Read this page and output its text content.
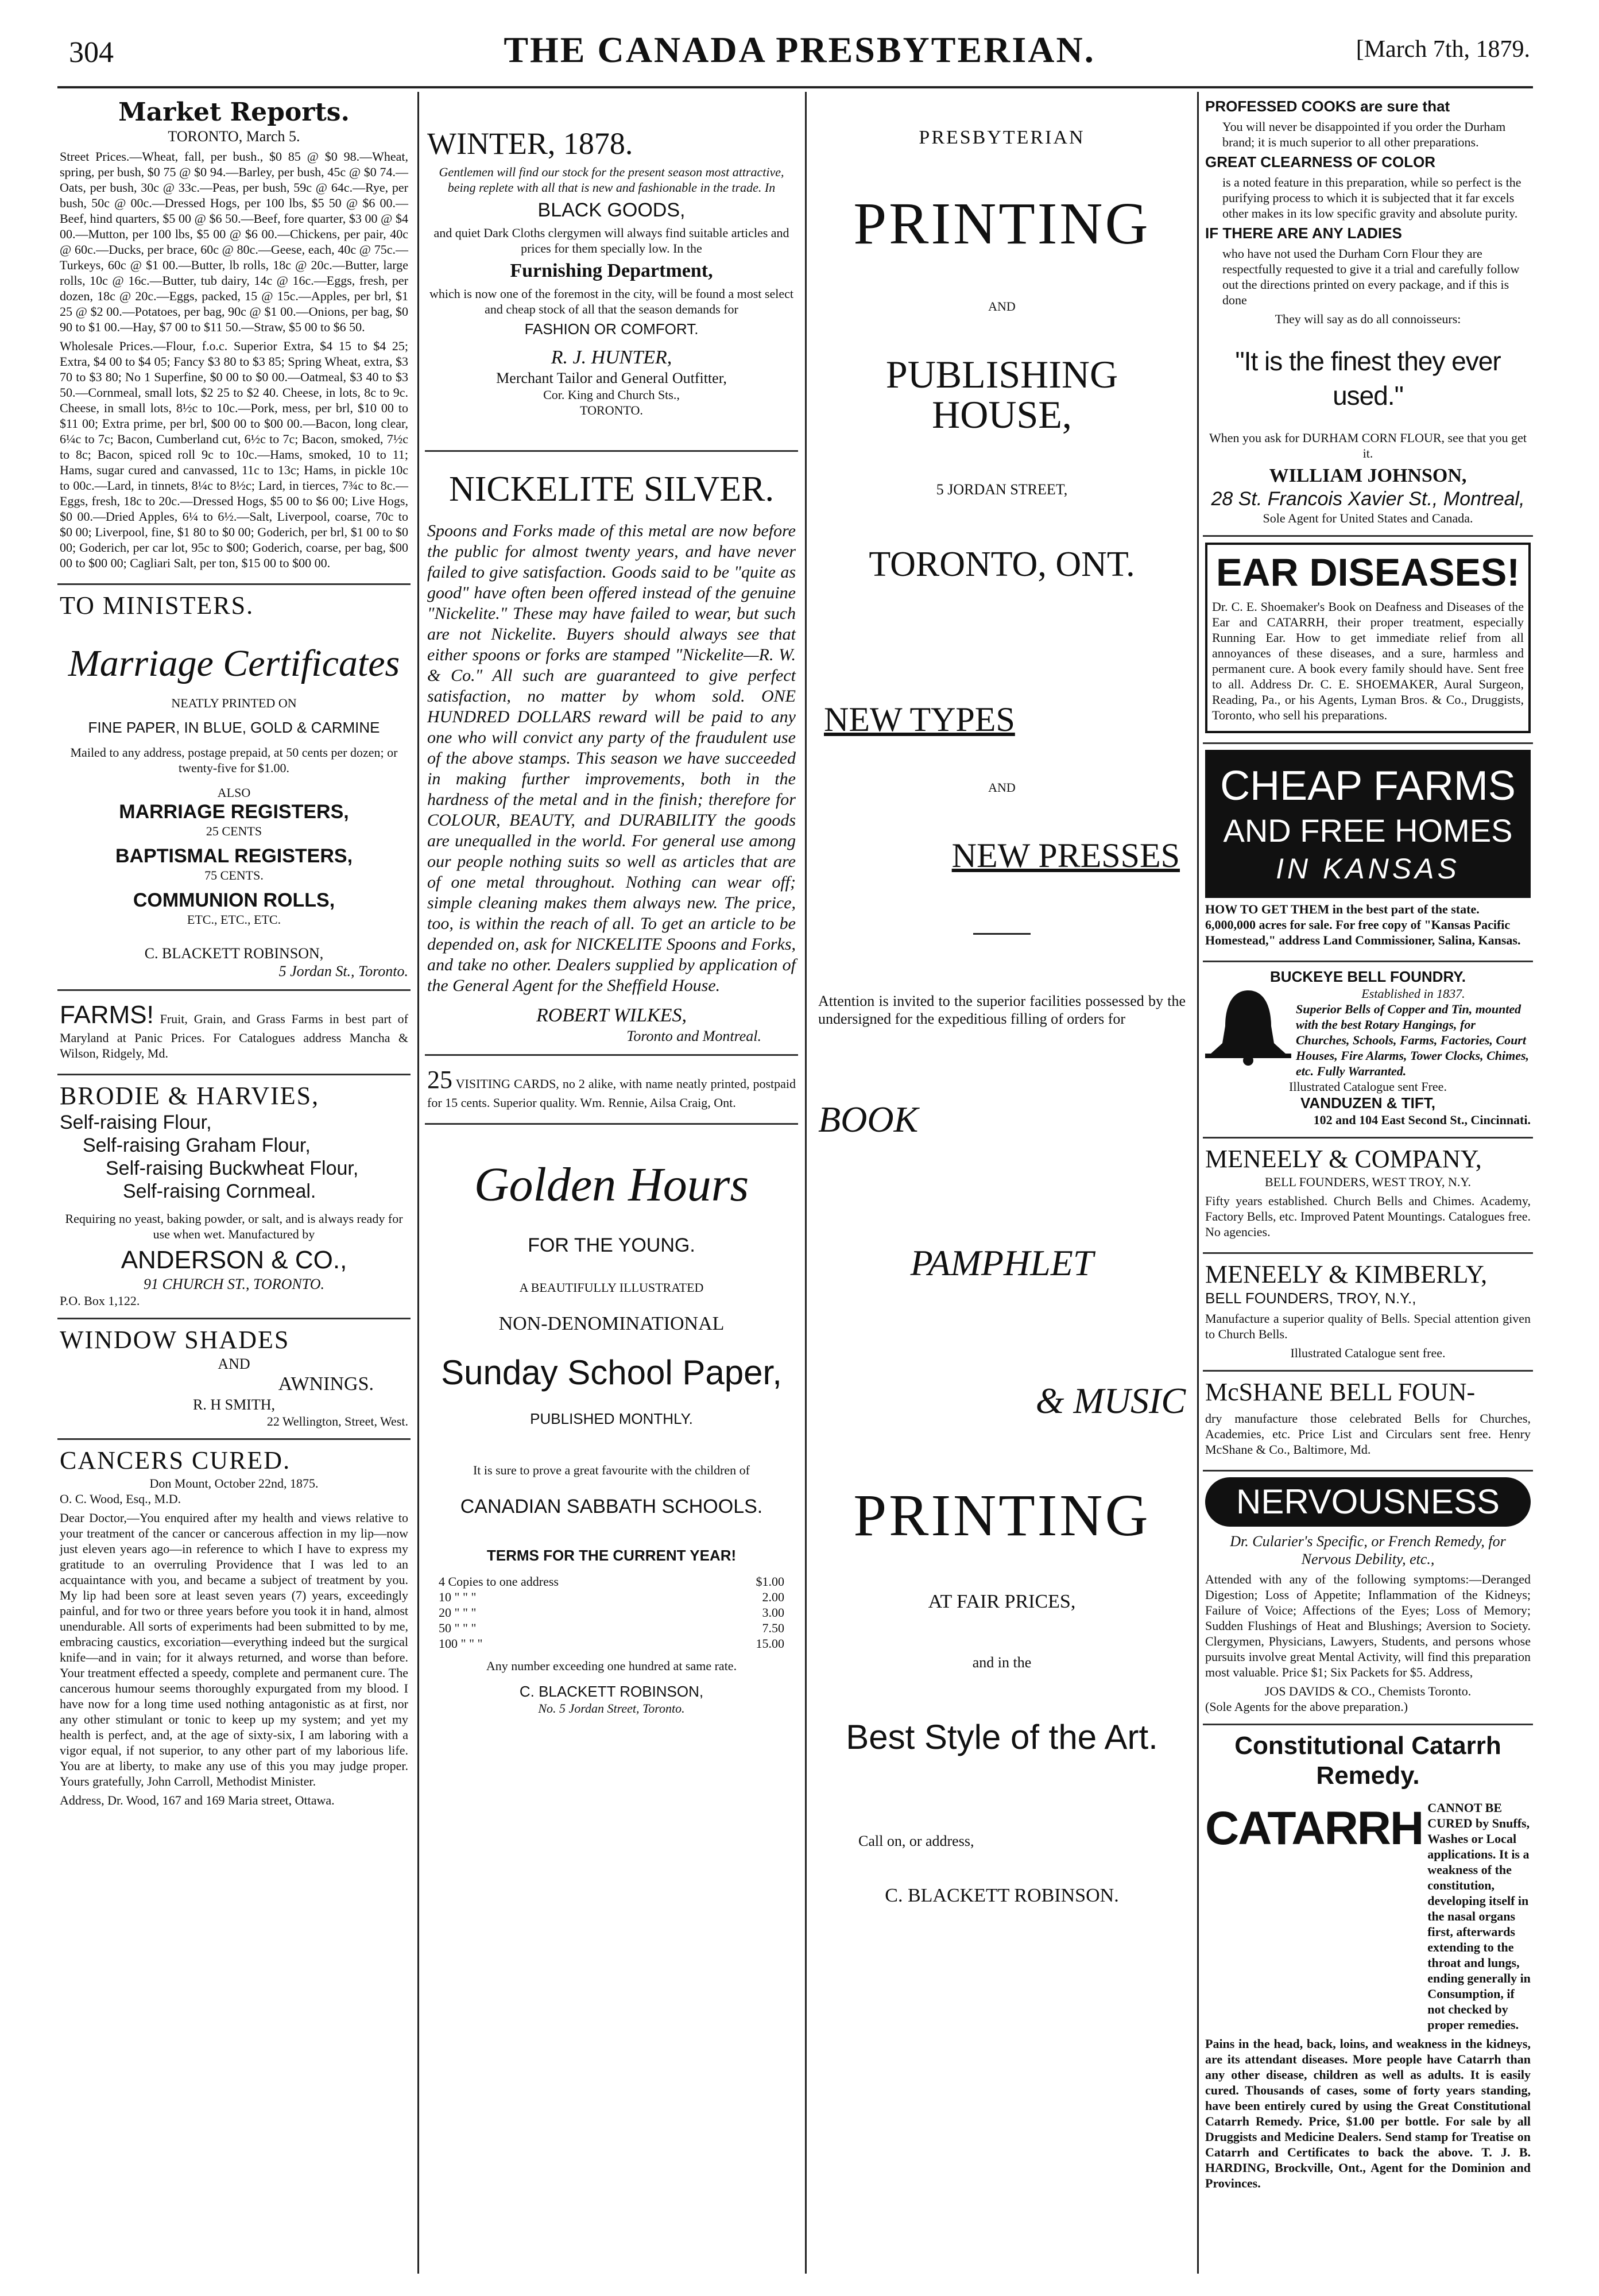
304	THE CANADA PRESBYTERIAN.	[March 7th, 1879.
Market Reports.
TORONTO, March 5.

Street Prices.—Wheat, fall, per bush., $0 85 @ $0 98.—Wheat, spring, per bush, $0 75 @ $0 94.—Barley, per bush, 45c @ $0 74.—Oats, per bush, 30c @ 33c.—Peas, per bush, 59c @ 64c.—Rye, per bush, 50c @ 00c.—Dressed Hogs, per 100 lbs, $5 50 @ $6 00.—Beef, hind quarters, $5 00 @ $6 50.—Beef, fore quarter, $3 00 @ $4 00.—Mutton, per 100 lbs, $5 00 @ $6 00.—Chickens, per pair, 40c @ 60c.—Ducks, per brace, 60c @ 80c.—Geese, each, 40c @ 75c.—Turkeys, 60c @ $1 00.—Butter, lb rolls, 18c @ 20c.—Butter, large rolls, 10c @ 16c.—Butter, tub dairy, 14c @ 16c.—Eggs, fresh, per dozen, 18c @ 20c.—Eggs, packed, 15 @ 15c.—Apples, per brl, $1 25 @ $2 00.—Potatoes, per bag, 90c @ $1 00.—Onions, per bag, $0 90 to $1 00.—Hay, $7 00 to $11 50.—Straw, $5 00 to $6 50.

Wholesale Prices.—Flour, f.o.c. Superior Extra, $4 15 to $4 25; Extra, $4 00 to $4 05; Fancy $3 80 to $3 85; Spring Wheat, extra, $3 70 to $3 80; No 1 Superfine, $0 00 to $0 00.—Oatmeal, $3 40 to $3 50.—Cornmeal, small lots, $2 25 to $2 40. Cheese, in lots, 8c to 9c. Cheese, in small lots, 8½c to 10c.—Pork, mess, per brl, $10 00 to $11 00; Extra prime, per brl, $00 00 to $00 00.—Bacon, long clear, 6¼c to 7c; Bacon, Cumberland cut, 6½c to 7c; Bacon, smoked, 7½c to 8c; Bacon, spiced roll 9c to 10c.—Hams, smoked, 10 to 11; Hams, sugar cured and canvassed, 11c to 13c; Hams, in pickle 10c to 00c.—Lard, in tinnets, 8¼c to 8½c; Lard, in tierces, 7¾c to 8c.—Eggs, fresh, 18c to 20c.—Dressed Hogs, $5 00 to $6 00; Live Hogs, $0 00.—Dried Apples, 6¼ to 6½.—Salt, Liverpool, coarse, 70c to $0 00; Liverpool, fine, $1 80 to $0 00; Goderich, per brl, $1 00 to $0 00; Goderich, per car lot, 95c to $00; Goderich, coarse, per bag, $00 00 to $00 00; Cagliari Salt, per ton, $15 00 to $00 00.

TO MINISTERS.
Marriage Certificates
NEATLY PRINTED ON
FINE PAPER, IN BLUE, GOLD & CARMINE
Mailed to any address, postage prepaid, at 50 cents per dozen; or twenty-five for $1.00.
ALSO
MARRIAGE REGISTERS,
25 CENTS
BAPTISMAL REGISTERS,
75 CENTS.
COMMUNION ROLLS,
ETC., ETC., ETC.
C. BLACKETT ROBINSON,
5 Jordan St., Toronto.

FARMS! Fruit, Grain, and Grass Farms in best part of Maryland at Panic Prices. For Catalogues address Mancha & Wilson, Ridgely, Md.

BRODIE & HARVIES,
Self-raising Flour,
Self-raising Graham Flour,
Self-raising Buckwheat Flour,
Self-raising Cornmeal.

Requiring no yeast, baking powder, or salt, and is always ready for use when wet. Manufactured by

ANDERSON & CO.,
91 CHURCH ST., TORONTO.
P.O. Box 1,122.
WINDOW SHADES
AND
AWNINGS.
R. H SMITH,
22 Wellington, Street, West.
CANCERS CURED.
Don Mount, October 22nd, 1875.
O. C. Wood, Esq., M.D.

Dear Doctor,—You enquired after my health and views relative to your treatment of the cancer or cancerous affection in my lip—now just eleven years ago—in reference to which I have to express my gratitude to an overruling Providence that I was led to an acquaintance with you, and became a subject of treatment by you. My lip had been sore at least seven years (7) years, exceedingly painful, and for two or three years before you took it in hand, almost unendurable. All sorts of experiments had been submitted to by me, embracing caustics, excoriation—everything indeed but the surgical knife—and in vain; for it always returned, and worse than before. Your treatment effected a speedy, complete and permanent cure. The cancerous humour seems thoroughly expurgated from my blood. I have now for a long time used nothing antagonistic as at first, nor any other stimulant or tonic to keep up my system; and yet my health is perfect, and, at the age of sixty-six, I am laboring with a vigor equal, if not superior, to any other part of my laborious life. You are at liberty, to make any use of this you may judge proper. Yours gratefully, John Carroll, Methodist Minister.

Address, Dr. Wood, 167 and 169 Maria street, Ottawa.

WINTER, 1878.

Gentlemen will find our stock for the present season most attractive, being replete with all that is new and fashionable in the trade. In

BLACK GOODS,

and quiet Dark Cloths clergymen will always find suitable articles and prices for them specially low. In the

Furnishing Department,

which is now one of the foremost in the city, will be found a most select and cheap stock of all that the season demands for

FASHION OR COMFORT.
R. J. HUNTER,
Merchant Tailor and General Outfitter,
Cor. King and Church Sts.,
TORONTO.
NICKELITE SILVER.

Spoons and Forks made of this metal are now before the public for almost twenty years, and have never failed to give satisfaction. Goods said to be "quite as good" have often been offered instead of the genuine "Nickelite." These may have failed to wear, but such are not Nickelite. Buyers should always see that either spoons or forks are stamped "Nickelite—R. W. & Co." All such are guaranteed to give perfect satisfaction, no matter by whom sold. ONE HUNDRED DOLLARS reward will be paid to any one who will convict any party of the fraudulent use of the above stamps. This season we have succeeded in making further improvements, both in the hardness of the metal and in the finish; therefore for COLOUR, BEAUTY, and DURABILITY the goods are unequalled in the world. For general use among our people nothing suits so well as articles that are of one metal throughout. Nothing can wear off; simple cleaning makes them always new. The price, too, is within the reach of all. To get an article to be depended on, ask for NICKELITE Spoons and Forks, and take no other. Dealers supplied by application of the General Agent for the Sheffield House.

ROBERT WILKES,
Toronto and Montreal.

25 VISITING CARDS, no 2 alike, with name neatly printed, postpaid for 15 cents. Superior quality. Wm. Rennie, Ailsa Craig, Ont.

Golden Hours
FOR THE YOUNG.
A BEAUTIFULLY ILLUSTRATED
NON-DENOMINATIONAL
Sunday School Paper,
PUBLISHED MONTHLY.
It is sure to prove a great favourite with the children of
CANADIAN SABBATH SCHOOLS.
TERMS FOR THE CURRENT YEAR!
4 Copies to one address	$1.00
10 " " "	2.00
20 " " "	3.00
50 " " "	7.50
100 " " "	15.00
Any number exceeding one hundred at same rate.
C. BLACKETT ROBINSON,
No. 5 Jordan Street, Toronto.
PRESBYTERIAN
PRINTING
AND
PUBLISHING HOUSE,
5 JORDAN STREET,
TORONTO, ONT.
NEW TYPES
AND
NEW PRESSES

Attention is invited to the superior facilities possessed by the undersigned for the expeditious filling of orders for

BOOK
PAMPHLET
& MUSIC
PRINTING
AT FAIR PRICES,
and in the
Best Style of the Art.
Call on, or address,
C. BLACKETT ROBINSON.
PROFESSED COOKS are sure that

You will never be disappointed if you order the Durham brand; it is much superior to all other preparations.

GREAT CLEARNESS OF COLOR

is a noted feature in this preparation, while so perfect is the purifying process to which it is subjected that it far excels other makes in its low specific gravity and absolute purity.

IF THERE ARE ANY LADIES

who have not used the Durham Corn Flour they are respectfully requested to give it a trial and carefully follow out the directions printed on every package, and if this is done

They will say as do all connoisseurs:
"It is the finest they ever used."

When you ask for DURHAM CORN FLOUR, see that you get it.

WILLIAM JOHNSON,
28 St. Francois Xavier St., Montreal,
Sole Agent for United States and Canada.
EAR DISEASES!

Dr. C. E. Shoemaker's Book on Deafness and Diseases of the Ear and CATARRH, their proper treatment, especially Running Ear. How to get immediate relief from all annoyances of these diseases, and a sure, harmless and permanent cure. A book every family should have. Sent free to all. Address Dr. C. E. SHOEMAKER, Aural Surgeon, Reading, Pa., or his Agents, Lyman Bros. & Co., Druggists, Toronto, who sell his preparations.

CHEAP FARMS
AND FREE HOMES
IN KANSAS

HOW TO GET THEM in the best part of the state. 6,000,000 acres for sale. For free copy of "Kansas Pacific Homestead," address Land Commissioner, Salina, Kansas.

BUCKEYE BELL FOUNDRY.
Established in 1837.

Superior Bells of Copper and Tin, mounted with the best Rotary Hangings, for Churches, Schools, Farms, Factories, Court Houses, Fire Alarms, Tower Clocks, Chimes, etc. Fully Warranted.

Illustrated Catalogue sent Free.
VANDUZEN & TIFT,
102 and 104 East Second St., Cincinnati.
MENEELY & COMPANY,
BELL FOUNDERS, WEST TROY, N.Y.

Fifty years established. Church Bells and Chimes. Academy, Factory Bells, etc. Improved Patent Mountings. Catalogues free. No agencies.

MENEELY & KIMBERLY,
BELL FOUNDERS, TROY, N.Y.,

Manufacture a superior quality of Bells. Special attention given to Church Bells.

Illustrated Catalogue sent free.
McSHANE BELL FOUN-

dry manufacture those celebrated Bells for Churches, Academies, etc. Price List and Circulars sent free. Henry McShane & Co., Baltimore, Md.

NERVOUSNESS
Dr. Cularier's Specific, or French Remedy, for Nervous Debility, etc.,

Attended with any of the following symptoms:—Deranged Digestion; Loss of Appetite; Inflammation of the Kidneys; Failure of Voice; Affections of the Eyes; Loss of Memory; Sudden Flushings of Heat and Blushings; Aversion to Society. Clergymen, Physicians, Lawyers, Students, and persons whose pursuits involve great Mental Activity, will find this preparation most valuable. Price $1; Six Packets for $5. Address,

JOS DAVIDS & CO., Chemists Toronto.
(Sole Agents for the above preparation.)
Constitutional Catarrh Remedy.
CATARRH CANNOT BE CURED by Snuffs, Washes or Local applications. It is a weakness of the constitution, developing itself in the nasal organs first, afterwards extending to the throat and lungs, ending generally in Consumption, if not checked by proper remedies.

Pains in the head, back, loins, and weakness in the kidneys, are its attendant diseases. More people have Catarrh than any other disease, children as well as adults. It is easily cured. Thousands of cases, some of forty years standing, have been entirely cured by using the Great Constitutional Catarrh Remedy. Price, $1.00 per bottle. For sale by all Druggists and Medicine Dealers. Send stamp for Treatise on Catarrh and Certificates to back the above. T. J. B. HARDING, Brockville, Ont., Agent for the Dominion and Provinces.
